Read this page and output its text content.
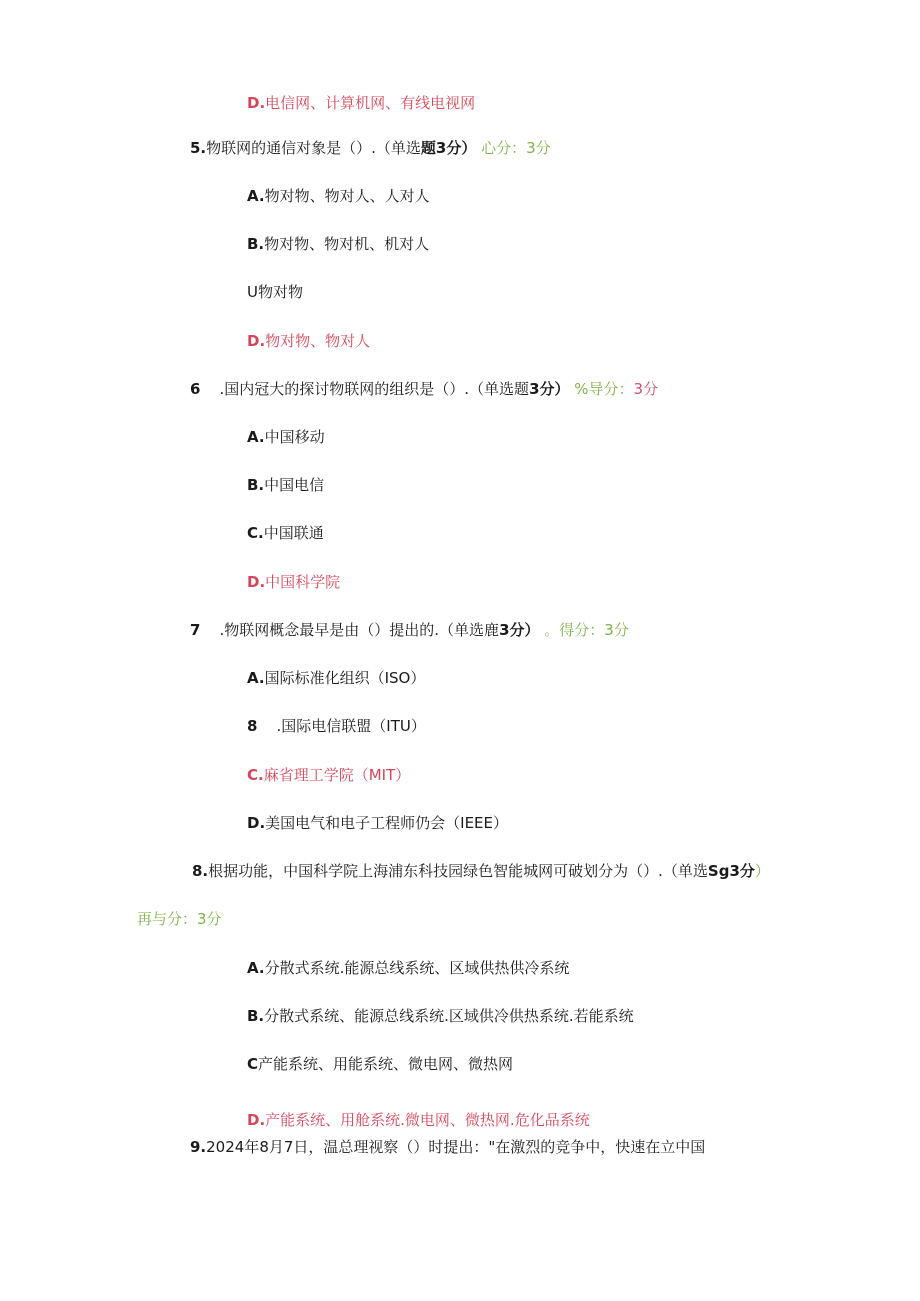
D.电信网、计算机网、有线电视网
5.物联网的通信对象是（）.（单选题3分） 心分：3分
A.物对物、物对人、人对人
B.物对物、物对机、机对人
U物对物
D.物对物、物对人
6 .国内冠大的探讨物联网的组织是（）.（单选题3分） %导分：3分
A.中国移动
B.中国电信
C.中国联通
D.中国科学院
7 .物联网概念最早是由（）提出的.（单选鹿3分） 。得分：3分
A.国际标准化组织（ISO）
8 .国际电信联盟（ITU）
C.麻省理工学院（MIT）
D.美国电气和电子工程师仍会（IEEE）
8.根据功能，中国科学院上海浦东科技园绿色智能城网可破划分为（）.（单选Sg3分）
再与分：3分
A.分散式系统.能源总线系统、区域供热供冷系统
B.分散式系统、能源总线系统.区域供冷供热系统.若能系统
C产能系统、用能系统、微电网、微热网
D.产能系统、用舱系统.微电网、微热网.危化品系统
9.2024年8月7日，温总理视察（）时提出："在激烈的竞争中，快速在立中国
